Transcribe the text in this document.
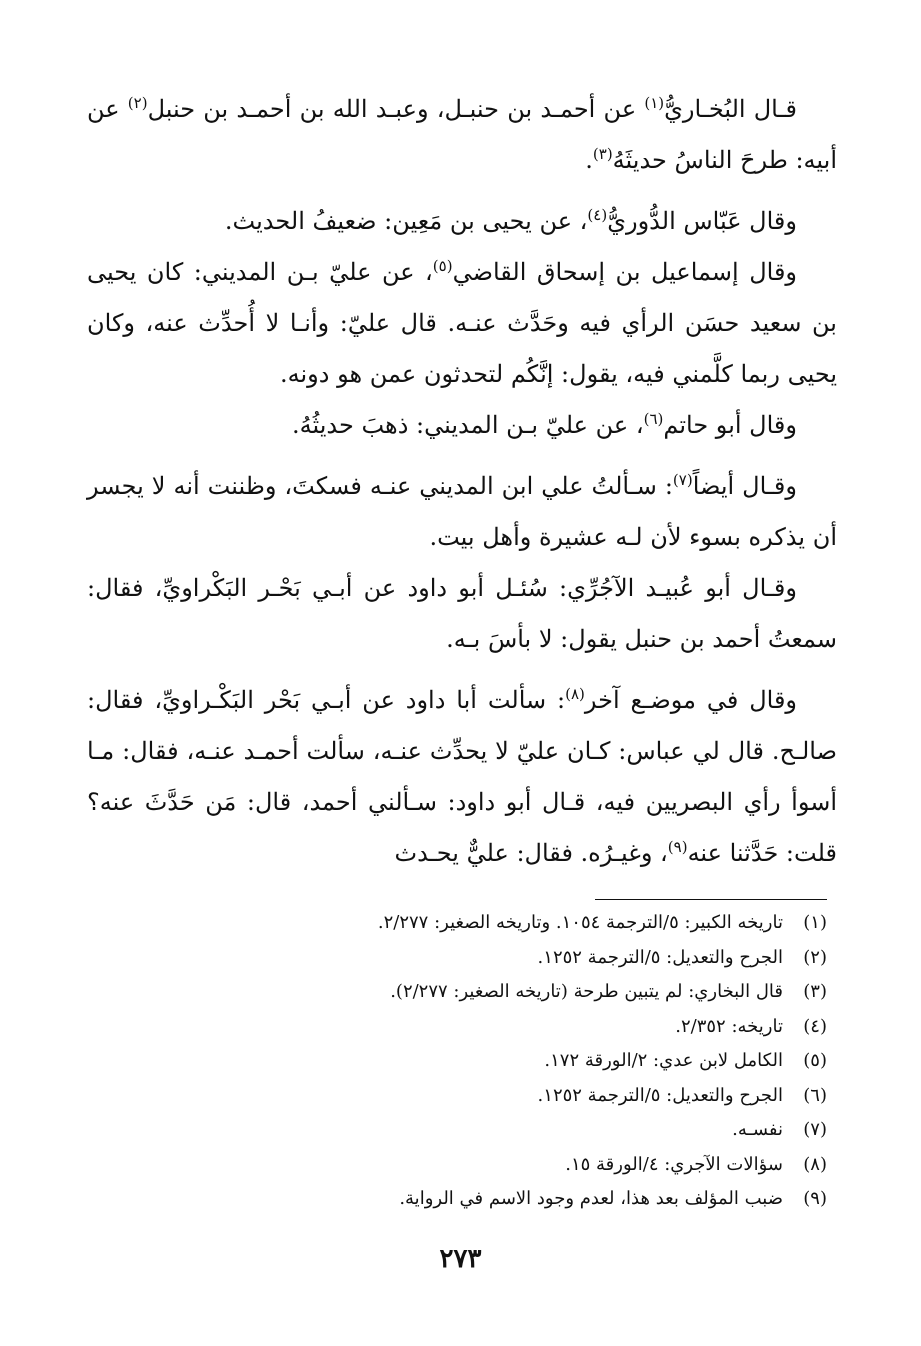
قـال البُخـاريُّ$^{(١)}$ عن أحمـد بن حنبـل، وعبـد الله بن أحمـد بن حنبل$^{(٢)}$ عن أبيه: طرحَ الناسُ حديثَهُ$^{(٣)}$.

وقال عَبّاس الدُّوريُّ$^{(٤)}$، عن يحيى بن مَعِين: ضعيفُ الحديث.

وقال إسماعيل بن إسحاق القاضي$^{(٥)}$، عن عليّ بـن المديني: كان يحيى بن سعيد حسَن الرأي فيه وحَدَّث عنـه. قال عليّ: وأنـا لا أُحدِّث عنه، وكان يحيى ربما كلَّمني فيه، يقول: إنَّكُم لتحدثون عمن هو دونه.

وقال أبو حاتم$^{(٦)}$، عن عليّ بـن المديني: ذهبَ حديثُهُ.

وقـال أيضاً$^{(٧)}$: سـألتُ علي ابن المديني عنـه فسكتَ، وظننت أنه لا يجسر أن يذكره بسوء لأن لـه عشيرة وأهل بيت.

وقـال أبو عُبيـد الآجُرِّي: سُئـل أبو داود عن أبـي بَحْـر البَكْراويِّ، فقال: سمعتُ أحمد بن حنبل يقول: لا بأسَ بـه.

وقال في موضـع آخر$^{(٨)}$: سألت أبا داود عن أبـي بَحْر البَكْـراويِّ، فقال: صالـح. قال لي عباس: كـان عليّ لا يحدِّث عنـه، سألت أحمـد عنـه، فقال: مـا أسوأ رأي البصريين فيه، قـال أبو داود: سـألني أحمد، قال: مَن حَدَّثَ عنه؟ قلت: حَدَّثنا عنه$^{(٩)}$، وغيـرُه. فقال: عليٌّ يحـدث

(١)
تاريخه الكبير: ٥/الترجمة ١٠٥٤. وتاريخه الصغير: ٢/٢٧٧.
(٢)
الجرح والتعديل: ٥/الترجمة ١٢٥٢.
(٣)
قال البخاري: لم يتبين طرحة (تاريخه الصغير: ٢/٢٧٧).
(٤)
تاريخه: ٢/٣٥٢.
(٥)
الكامل لابن عدي: ٢/الورقة ١٧٢.
(٦)
الجرح والتعديل: ٥/الترجمة ١٢٥٢.
(٧)
نفسـه.
(٨)
سؤالات الآجري: ٤/الورقة ١٥.
(٩)
ضبب المؤلف بعد هذا، لعدم وجود الاسم في الرواية.
٢٧٣
